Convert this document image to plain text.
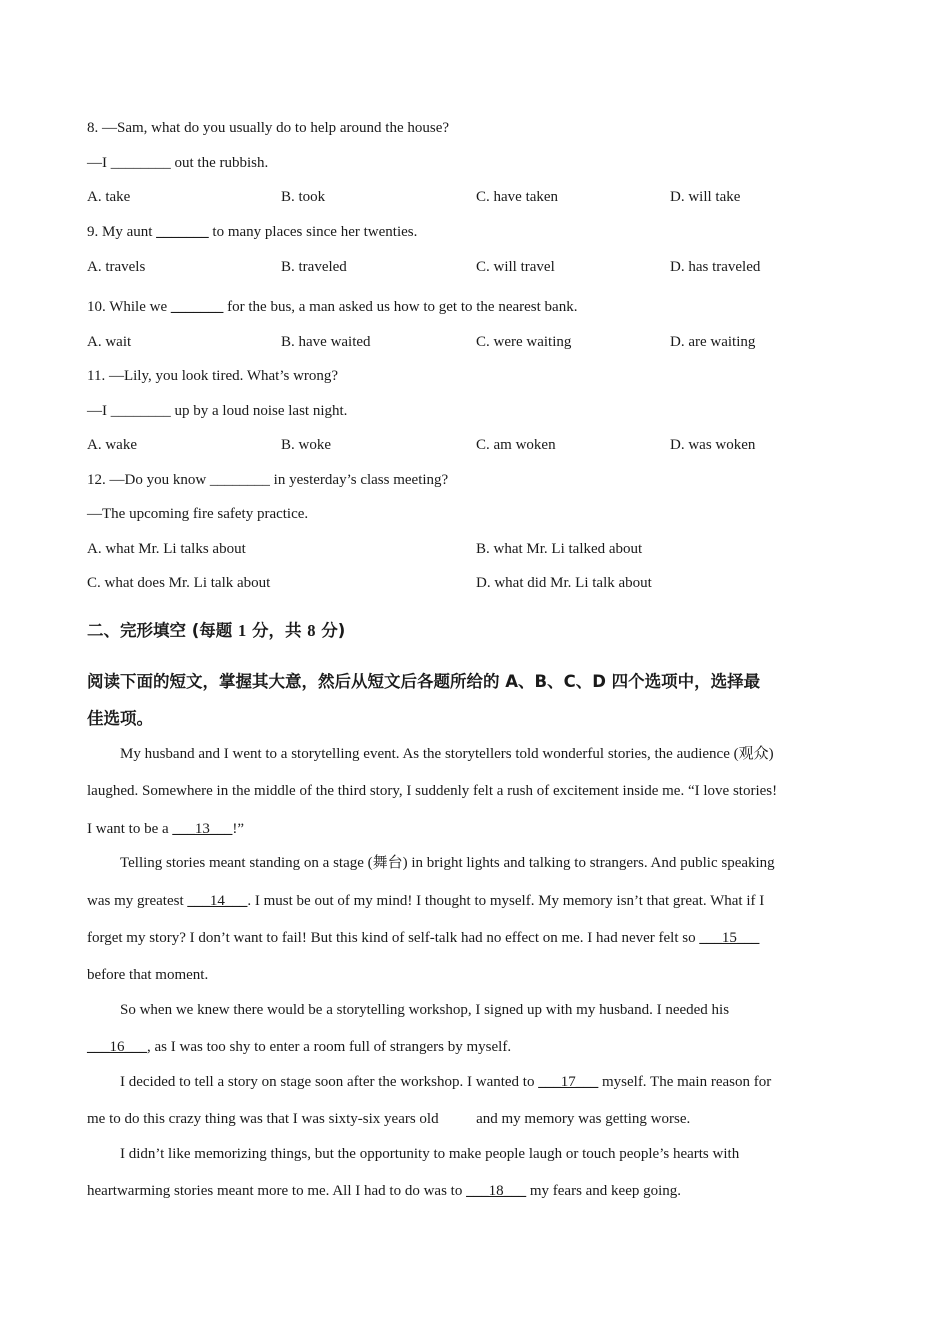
8. —Sam, what do you usually do to help around the house?
—I ________ out the rubbish.
A. take	B. took	C. have taken	D. will take
9. My aunt _______ to many places since her twenties.
A. travels	B. traveled	C. will travel	D. has traveled
10. While we _______ for the bus, a man asked us how to get to the nearest bank.
A. wait	B. have waited	C. were waiting	D. are waiting
11. —Lily, you look tired. What’s wrong?
—I ________ up by a loud noise last night.
A. wake	B. woke	C. am woken	D. was woken
12. —Do you know ________ in yesterday’s class meeting?
—The upcoming fire safety practice.
A. what Mr. Li talks about	B. what Mr. Li talked about
C. what does Mr. Li talk about	D. what did Mr. Li talk about
二、完形填空 (每题 1 分，共 8 分)
阅读下面的短文，掌握其大意，然后从短文后各题所给的 A、B、C、D 四个选项中，选择最
佳选项。
My husband and I went to a storytelling event. As the storytellers told wonderful stories, the audience (观众)
laughed. Somewhere in the middle of the third story, I suddenly felt a rush of excitement inside me. “I love stories!
I want to be a ___13___!”
Telling stories meant standing on a stage (舞台) in bright lights and talking to strangers. And public speaking
was my greatest ___14___. I must be out of my mind! I thought to myself. My memory isn’t that great. What if I
forget my story? I don’t want to fail! But this kind of self-talk had no effect on me. I had never felt so ___15___
before that moment.
So when we knew there would be a storytelling workshop, I signed up with my husband. I needed his
___16___, as I was too shy to enter a room full of strangers by myself.
I decided to tell a story on stage soon after the workshop. I wanted to ___17___ myself. The main reason for
me to do this crazy thing was that I was sixty-six years old          and my memory was getting worse.
I didn’t like memorizing things, but the opportunity to make people laugh or touch people’s hearts with
heartwarming stories meant more to me. All I had to do was to ___18___ my fears and keep going.
